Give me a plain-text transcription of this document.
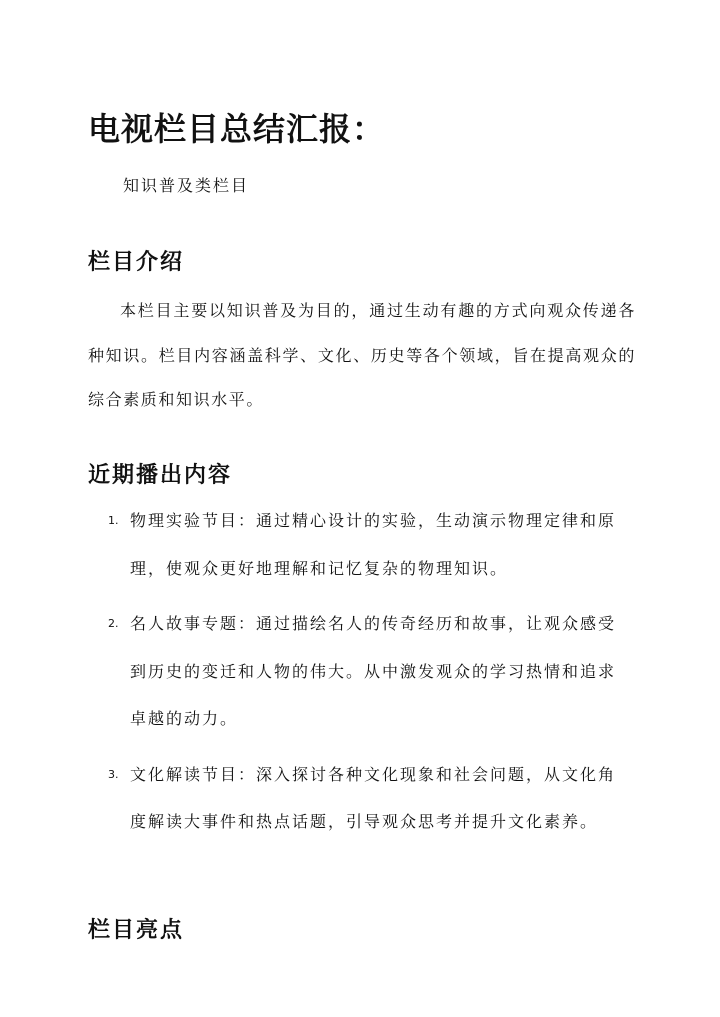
电视栏目总结汇报：
知识普及类栏目
栏目介绍

本栏目主要以知识普及为目的，通过生动有趣的方式向观众传递各种知识。栏目内容涵盖科学、文化、历史等各个领域，旨在提高观众的综合素质和知识水平。

近期播出内容
1. 物理实验节目：通过精心设计的实验，生动演示物理定律和原理，使观众更好地理解和记忆复杂的物理知识。
2. 名人故事专题：通过描绘名人的传奇经历和故事，让观众感受到历史的变迁和人物的伟大。从中激发观众的学习热情和追求卓越的动力。
3. 文化解读节目：深入探讨各种文化现象和社会问题，从文化角度解读大事件和热点话题，引导观众思考并提升文化素养。
栏目亮点
